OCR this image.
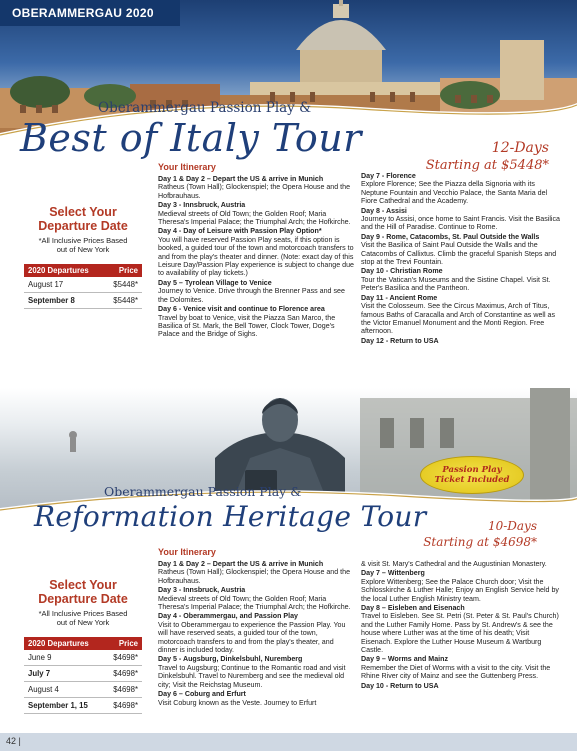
OBERAMMERGAU 2020
Oberammergau Passion Play &
Best of Italy Tour	12-Days
Starting at $5448*
Select Your
Departure Date
*All Inclusive Prices Based
out of New York
2020 Departures	Price
August 17	$5448*
September 8	$5448*
Your Itinerary
Day 1 & Day 2 – Depart the US & arrive in Munich
Ratheus (Town Hall); Glockenspiel; the Opera House and the Hofbrauhaus.
Day 3 - Innsbruck, Austria
Medieval streets of Old Town; the Golden Roof; Maria Theresa's Imperial Palace; the Triumphal Arch; the Hofkirche.
Day 4 - Day of Leisure with Passion Play Option*
You will have reserved Passion Play seats, if this option is booked, a guided tour of the town and motorcoach transfers to and from the play's theater and dinner. (Note: exact day of this Leisure Day/Passion Play experience is subject to change due to availability of play tickets.)
Day 5 – Tyrolean Village to Venice
Journey to Venice. Drive through the Brenner Pass and see the Dolomites.
Day 6 - Venice visit and continue to Florence area
Travel by boat to Venice, visit the Piazza San Marco, the Basilica of St. Mark, the Bell Tower, Clock Tower, Doge's Palace and the Bridge of Sighs.
Day 7 - Florence
Explore Florence; See the Piazza della Signoria with its Neptune Fountain and Vecchio Palace, the Santa Maria del Fiore Cathedral and the Academy.
Day 8 - Assisi
Journey to Assisi, once home to Saint Francis. Visit the Basilica and the Hill of Paradise. Continue to Rome.
Day 9 - Rome, Catacombs, St. Paul Outside the Walls
Visit the Basilica of Saint Paul Outside the Walls and the Catacombs of Callixtus. Climb the graceful Spanish Steps and stop at the Trevi Fountain.
Day 10 - Christian Rome
Tour the Vatican's Museums and the Sistine Chapel. Visit St. Peter's Basilica and the Pantheon.
Day 11 - Ancient Rome
Visit the Colosseum. See the Circus Maximus, Arch of Titus, famous Baths of Caracalla and Arch of Constantine as well as the Victor Emanuel Monument and the Monti Region. Free afternoon.
Day 12 - Return to USA
Passion Play
Ticket Included
Oberammergau Passion Play &
Reformation Heritage Tour	10-Days
Starting at $4698*
Select Your
Departure Date
*All Inclusive Prices Based
out of New York
2020 Departures	Price
June 9	$4698*
July 7	$4698*
August 4	$4698*
September 1, 15	$4698*
Your Itinerary
Day 1 & Day 2 – Depart the US & arrive in Munich
Ratheus (Town Hall); Glockenspiel; the Opera House and the Hofbrauhaus.
Day 3 - Innsbruck, Austria
Medieval streets of Old Town; the Golden Roof; Maria Theresa's Imperial Palace; the Triumphal Arch; the Hofkirche.
Day 4 - Oberammergau, and Passion Play
Visit to Oberammergau to experience the Passion Play. You will have reserved seats, a guided tour of the town, motorcoach transfers to and from the play's theater, and dinner is included today.
Day 5 - Augsburg, Dinkelsbuhl, Nuremberg
Travel to Augsburg; Continue to the Romantic road and visit Dinkelsbuhl. Travel to Nuremberg and see the medieval old city; Visit the Reichstag Museum.
Day 6 – Coburg and Erfurt
Visit Coburg known as the Veste. Journey to Erfurt
& visit St. Mary's Cathedral and the Augustinian Monastery.
Day 7 – Wittenberg
Explore Wittenberg; See the Palace Church door; Visit the Schlosskirche & Luther Halle; Enjoy an English Service held by the local Luther English Ministry team.
Day 8 – Eisleben and Eisenach
Travel to Eisleben. See St. Petri (St. Peter & St. Paul's Church) and the Luther Family Home. Pass by St. Andrew's & see the house where Luther was at the time of his death; Visit Eisenach. Explore the Luther House Museum & Wartburg Castle.
Day 9 – Worms and Mainz
Remember the Diet of Worms with a visit to the city. Visit the Rhine River city of Mainz and see the Guttenberg Press.
Day 10 - Return to USA
42 |
